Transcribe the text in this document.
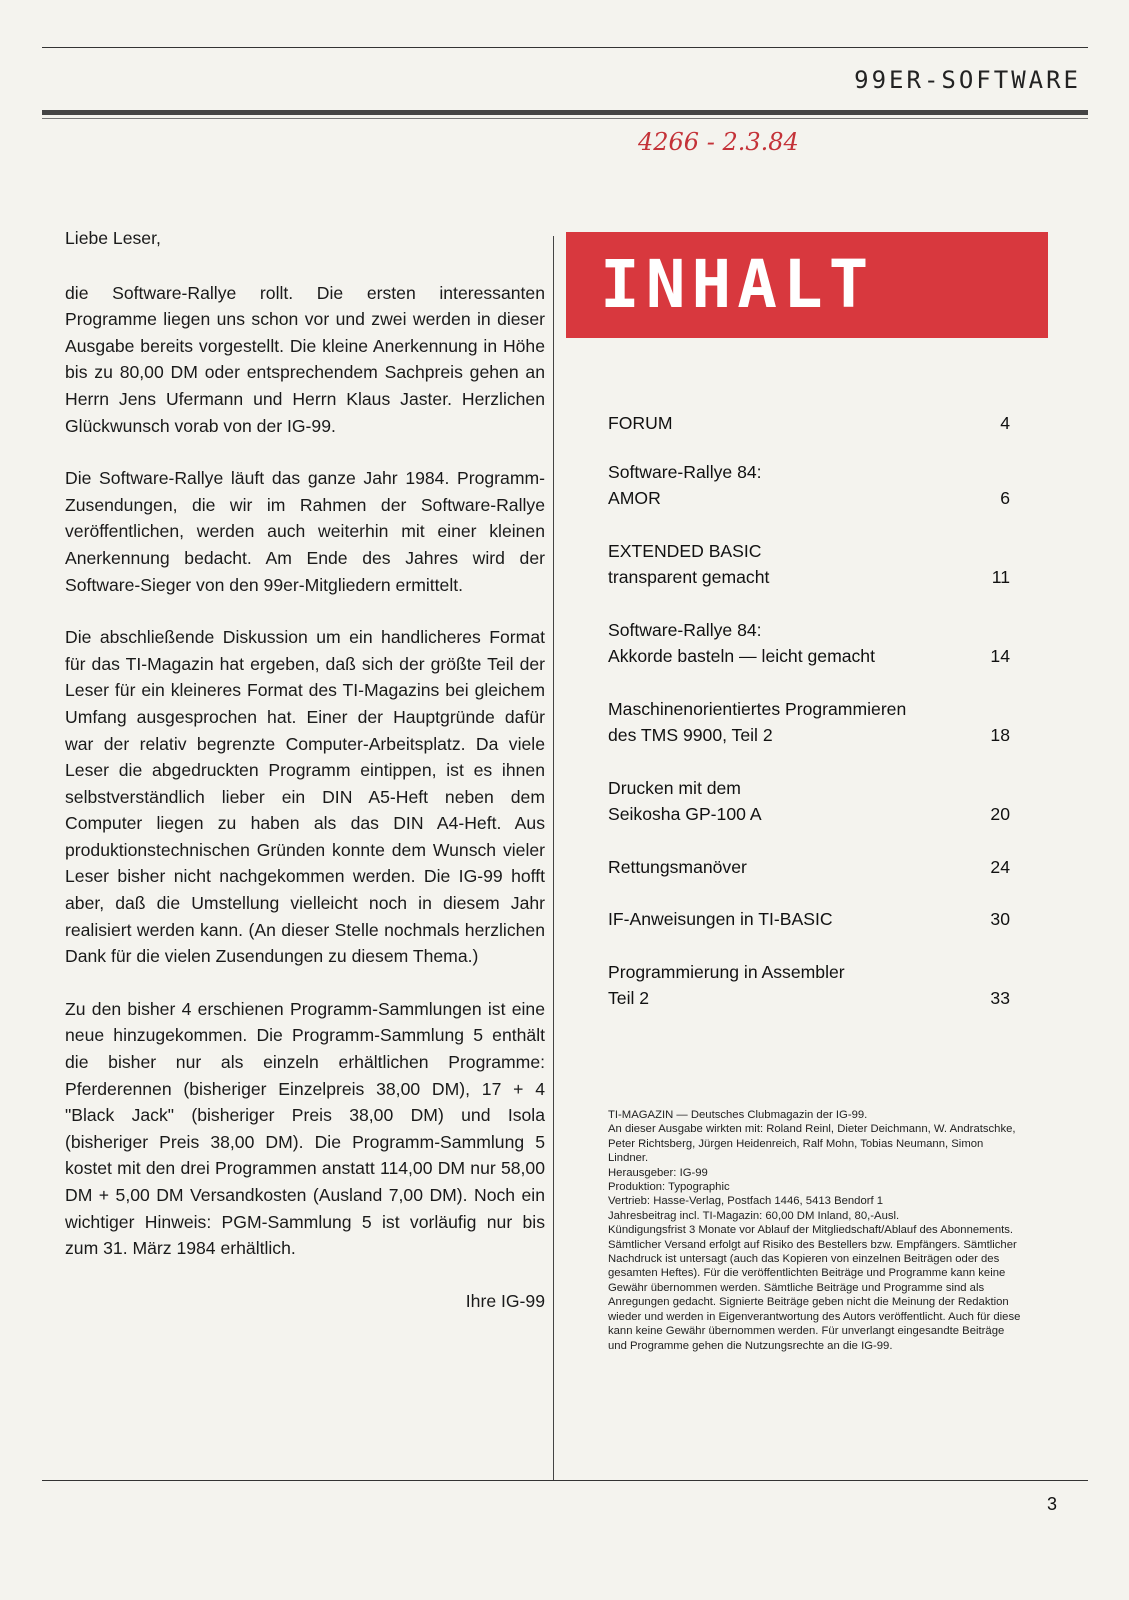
99ER-SOFTWARE
4266 - 2.3.84

Liebe Leser,

die Software-Rallye rollt. Die ersten interessanten Programme liegen uns schon vor und zwei werden in dieser Ausgabe bereits vorgestellt. Die kleine Anerkennung in Höhe bis zu 80,00 DM oder entsprechendem Sachpreis gehen an Herrn Jens Ufermann und Herrn Klaus Jaster. Herzlichen Glückwunsch vorab von der IG-99.

Die Software-Rallye läuft das ganze Jahr 1984. Programm-Zusendungen, die wir im Rahmen der Software-Rallye veröffentlichen, werden auch weiterhin mit einer kleinen Anerkennung bedacht. Am Ende des Jahres wird der Software-Sieger von den 99er-Mitgliedern ermittelt.

Die abschließende Diskussion um ein handlicheres Format für das TI-Magazin hat ergeben, daß sich der größte Teil der Leser für ein kleineres Format des TI-Magazins bei gleichem Umfang ausgesprochen hat. Einer der Hauptgründe dafür war der relativ begrenzte Computer-Arbeitsplatz. Da viele Leser die abgedruckten Programm eintippen, ist es ihnen selbstverständlich lieber ein DIN A5-Heft neben dem Computer liegen zu haben als das DIN A4-Heft. Aus produktionstechnischen Gründen konnte dem Wunsch vieler Leser bisher nicht nachgekommen werden. Die IG-99 hofft aber, daß die Umstellung vielleicht noch in diesem Jahr realisiert werden kann. (An dieser Stelle nochmals herzlichen Dank für die vielen Zusendungen zu diesem Thema.)

Zu den bisher 4 erschienen Programm-Sammlungen ist eine neue hinzugekommen. Die Programm-Sammlung 5 enthält die bisher nur als einzeln erhältlichen Programme: Pferderennen (bisheriger Einzelpreis 38,00 DM), 17 + 4 "Black Jack" (bisheriger Preis 38,00 DM) und Isola (bisheriger Preis 38,00 DM). Die Programm-Sammlung 5 kostet mit den drei Programmen anstatt 114,00 DM nur 58,00 DM + 5,00 DM Versandkosten (Ausland 7,00 DM). Noch ein wichtiger Hinweis: PGM-Sammlung 5 ist vorläufig nur bis zum 31. März 1984 erhältlich.

Ihre IG-99

INHALT
FORUM	4
Software-Rallye 84:
AMOR	6
EXTENDED BASIC
transparent gemacht	11
Software-Rallye 84:
Akkorde basteln — leicht gemacht	14
Maschinenorientiertes Programmieren
des TMS 9900, Teil 2	18
Drucken mit dem
Seikosha GP-100 A	20
Rettungsmanöver	24
IF-Anweisungen in TI-BASIC	30
Programmierung in Assembler
Teil 2	33
TI-MAGAZIN — Deutsches Clubmagazin der IG-99.
An dieser Ausgabe wirkten mit: Roland Reinl, Dieter Deichmann, W. Andratschke, Peter Richtsberg, Jürgen Heidenreich, Ralf Mohn, Tobias Neumann, Simon Lindner.
Herausgeber: IG-99
Produktion: Typographic
Vertrieb: Hasse-Verlag, Postfach 1446, 5413 Bendorf 1
Jahresbeitrag incl. TI-Magazin: 60,00 DM Inland, 80,-Ausl.
Kündigungsfrist 3 Monate vor Ablauf der Mitgliedschaft/Ablauf des Abonnements.
Sämtlicher Versand erfolgt auf Risiko des Bestellers bzw. Empfängers. Sämtlicher Nachdruck ist untersagt (auch das Kopieren von einzelnen Beiträgen oder des gesamten Heftes). Für die veröffentlichten Beiträge und Programme kann keine Gewähr übernommen werden. Sämtliche Beiträge und Programme sind als Anregungen gedacht. Signierte Beiträge geben nicht die Meinung der Redaktion wieder und werden in Eigenverantwortung des Autors veröffentlicht. Auch für diese kann keine Gewähr übernommen werden. Für unverlangt eingesandte Beiträge und Programme gehen die Nutzungsrechte an die IG-99.
3
